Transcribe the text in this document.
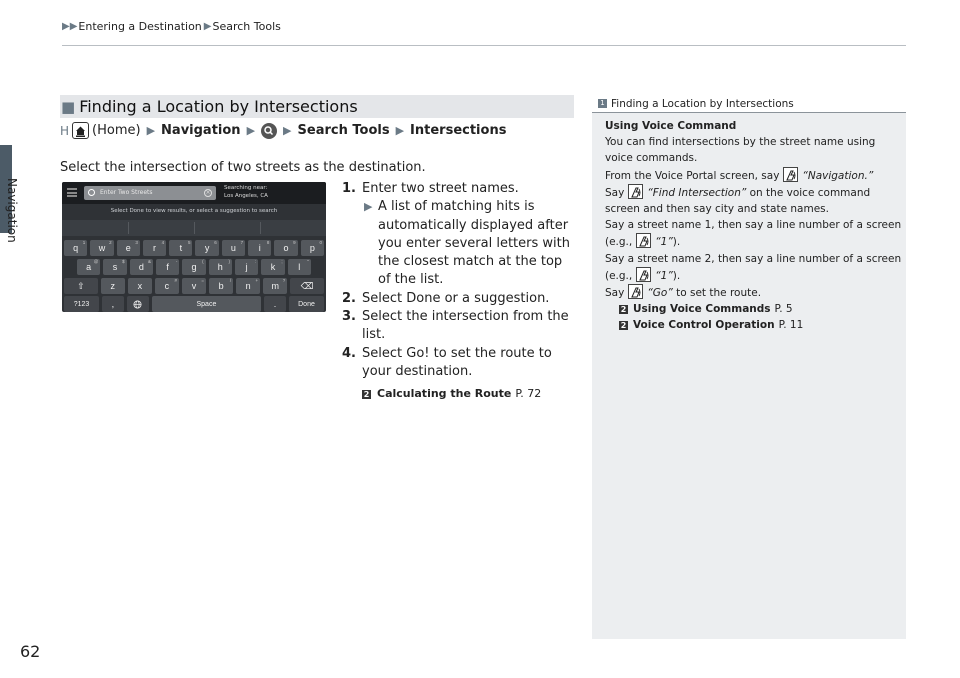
▶▶ Entering a Destination ▶ Search Tools
Navigation
62
■ Finding a Location by Intersections
H (Home) ▶ Navigation ▶	▶ Search Tools ▶ Intersections
Select the intersection of two streets as the destination.
Enter Two Streets	×
Searching near:
Los Angeles, CA
Select Done to view results, or select a suggestion to search
q
$^1$
w
$^2$
e
$^3$
r
$^4$
t
$^5$
y
$^6$
u
$^7$
i
$^8$
o
$^9$
p
$^0$
a
@
s
$
d
&
f
-
g
(
h
)
j
:
k
;
l
"
⇧	z	x	c
#
v
=
b
/
n
+
m
? ⌫
?123	,	Space	.	Done
1. Enter two street names.
▶ A list of matching hits is automatically displayed after you enter several letters with the closest match at the top of the list.
2. Select Done or a suggestion.
3. Select the intersection from the list.
4. Select Go! to set the route to your destination.
2 Calculating the Route P. 72
1 Finding a Location by Intersections
Using Voice Command
You can find intersections by the street name using voice commands.
From the Voice Portal screen, say “Navigation.”
Say “Find Intersection” on the voice command screen and then say city and state names.
Say a street name 1, then say a line number of a screen (e.g., “1”).
Say a street name 2, then say a line number of a screen (e.g., “1”).
Say “Go” to set the route.
2 Using Voice Commands P. 5
2 Voice Control Operation P. 11
